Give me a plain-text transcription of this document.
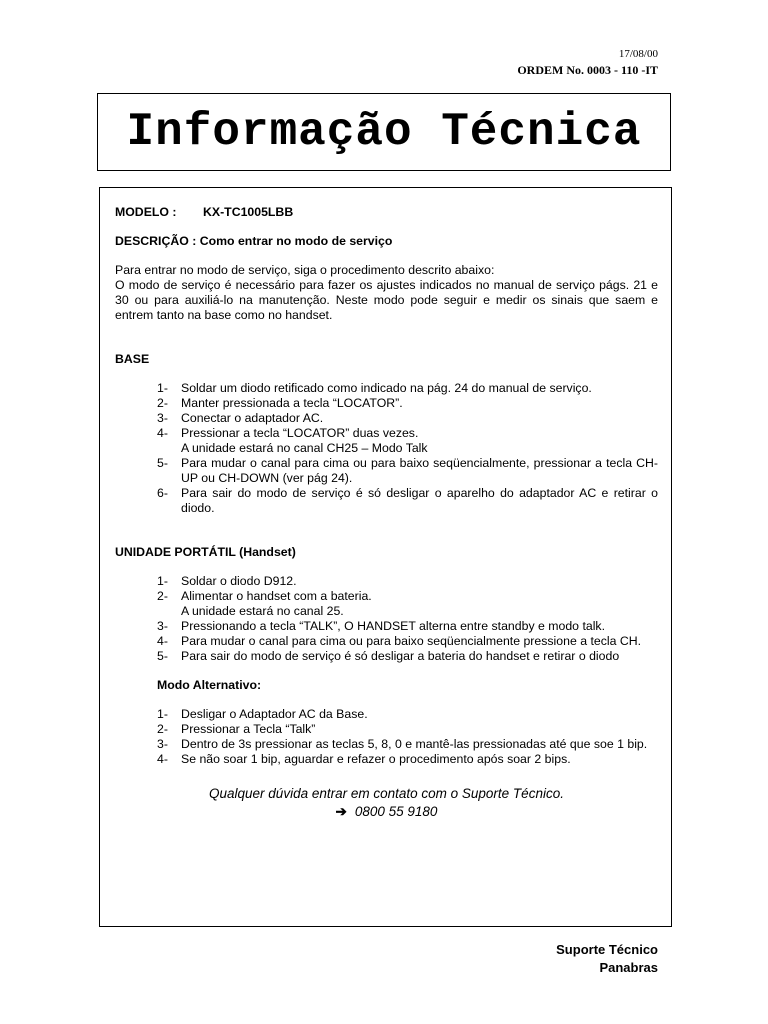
17/08/00
ORDEM No. 0003 - 110 -IT
Informação Técnica
MODELO :	KX-TC1005LBB
DESCRIÇÃO : Como entrar no modo de serviço
Para entrar no modo de serviço, siga o procedimento descrito abaixo:
O modo de serviço é necessário para fazer os ajustes indicados no manual de serviço págs. 21 e 30 ou para auxiliá-lo na manutenção. Neste modo pode seguir e medir os sinais que saem e entrem tanto na base como no handset.
BASE
1-	Soldar um diodo retificado como indicado na pág. 24 do manual de serviço.
2-	Manter pressionada a tecla “LOCATOR”.
3-	Conectar o adaptador AC.
4-	Pressionar a tecla “LOCATOR” duas vezes.
A unidade estará no canal CH25 – Modo Talk
5-	Para mudar o canal para cima ou para baixo seqüencialmente, pressionar a tecla CH-UP ou CH-DOWN (ver pág 24).
6-	Para sair do modo de serviço é só desligar o aparelho do adaptador AC e retirar o diodo.
UNIDADE PORTÁTIL (Handset)
1-	Soldar o diodo D912.
2-	Alimentar o handset com a bateria.
A unidade estará no canal 25.
3-	Pressionando a tecla “TALK”, O HANDSET alterna entre standby e modo talk.
4-	Para mudar o canal para cima ou para baixo seqüencialmente pressione a tecla CH.
5-	Para sair do modo de serviço é só desligar a bateria do handset e retirar o diodo
Modo Alternativo:
1-	Desligar o Adaptador AC da Base.
2-	Pressionar a Tecla “Talk”
3-	Dentro de 3s pressionar as teclas 5, 8, 0 e mantê-las pressionadas até que soe 1 bip.
4-	Se não soar 1 bip, aguardar e refazer o procedimento após soar 2 bips.
Qualquer dúvida entrar em contato com o Suporte Técnico.
➔ 0800 55 9180
Suporte Técnico
Panabras
